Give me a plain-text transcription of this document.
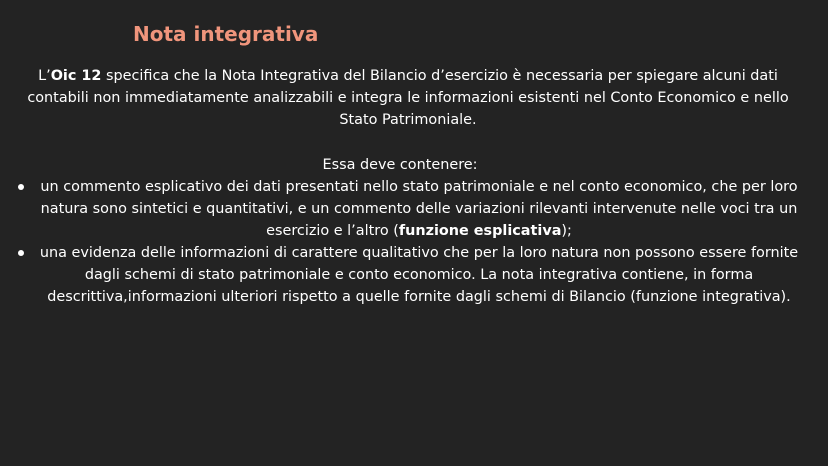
Nota integrativa

L’Oic 12 specifica che la Nota Integrativa del Bilancio d’esercizio è necessaria per spiegare alcuni dati contabili non immediatamente analizzabili e integra le informazioni esistenti nel Conto Economico e nello Stato Patrimoniale.

Essa deve contenere:

un commento esplicativo dei dati presentati nello stato patrimoniale e nel conto economico, che per loro natura sono sintetici e quantitativi, e un commento delle variazioni rilevanti intervenute nelle voci tra un esercizio e l’altro (funzione esplicativa);
una evidenza delle informazioni di carattere qualitativo che per la loro natura non possono essere fornite dagli schemi di stato patrimoniale e conto economico. La nota integrativa contiene, in forma descrittiva,informazioni ulteriori rispetto a quelle fornite dagli schemi di Bilancio (funzione integrativa).
